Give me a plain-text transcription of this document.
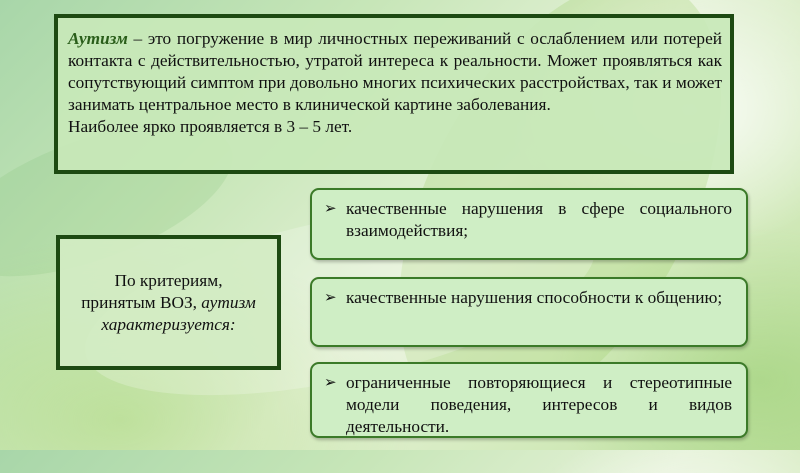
Аутизм – это погружение в мир личностных переживаний с ослаблением или потерей контакта с действительностью, утратой интереса к реальности. Может проявляться как сопутствующий симптом при довольно многих психических расстройствах, так и может занимать центральное место в клинической картине заболевания.

Наиболее ярко проявляется в 3 – 5 лет.

По критериям,
принятым ВОЗ, аутизм
характеризуется:
➢ качественные нарушения в сфере социального взаимодействия;
➢ качественные нарушения способности к общению;
➢ ограниченные повторяющиеся и стереотипные модели поведения, интересов и видов деятельности.
